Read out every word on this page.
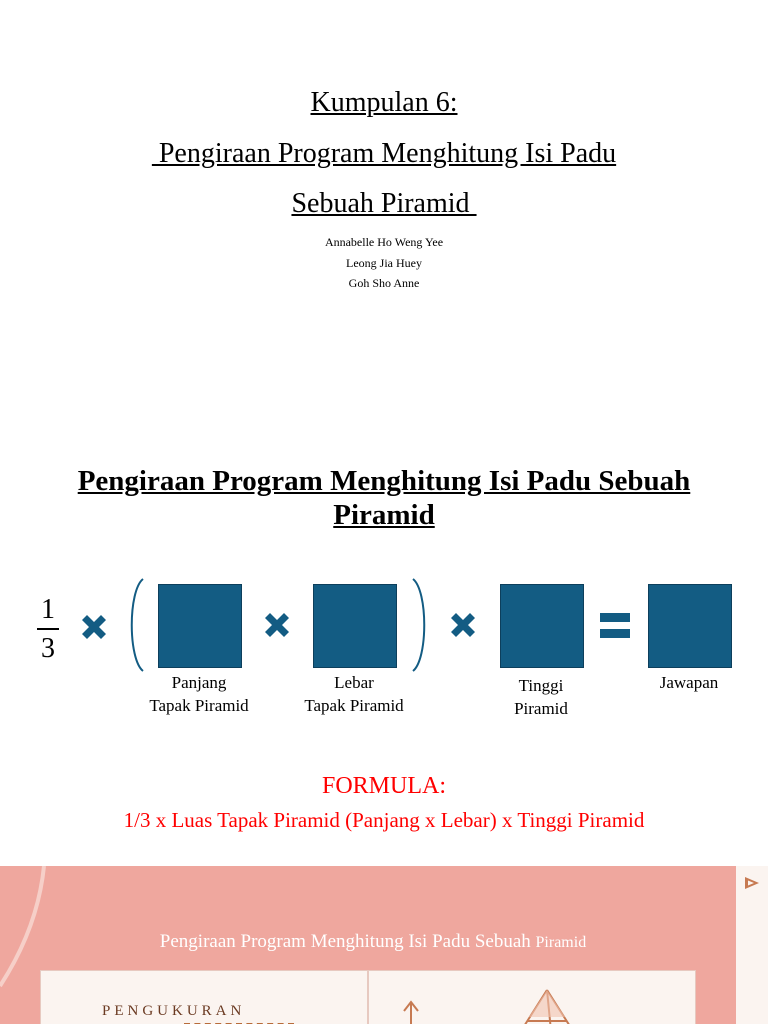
Kumpulan 6:
Pengiraan Program Menghitung Isi Padu
Sebuah Piramid
Annabelle Ho Weng Yee
Leong Jia Huey
Goh Sho Anne
Pengiraan Program Menghitung Isi Padu Sebuah Piramid
1
3
Panjang
Tapak Piramid
Lebar
Tapak Piramid
Tinggi
Piramid
Jawapan
FORMULA:
1/3 x Luas Tapak Piramid (Panjang x Lebar) x Tinggi Piramid
Pengiraan Program Menghitung Isi Padu Sebuah Piramid
PENGUKURAN
